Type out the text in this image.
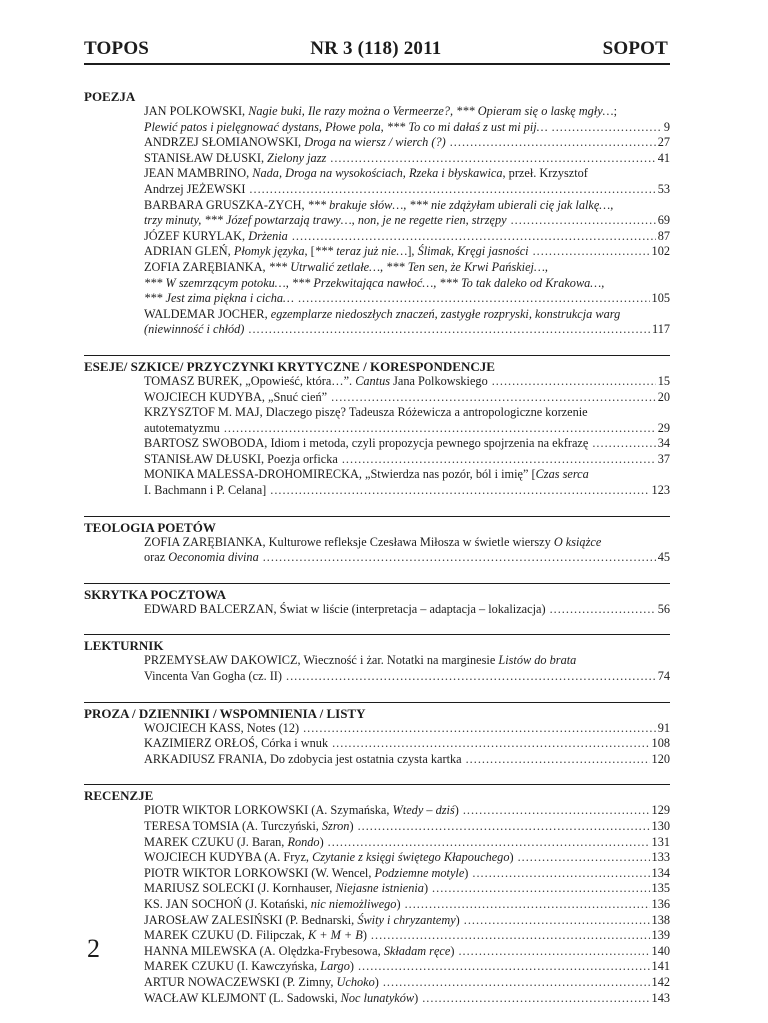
TOPOS	NR 3 (118) 2011	SOPOT
POEZJA
JAN POLKOWSKI, Nagie buki, Ile razy można o Vermeerze?, *** Opieram się o laskę mgły…;
Plewić patos i pielęgnować dystans, Płowe pola, *** To co mi dałaś z ust mi pij… .....	9
ANDRZEJ SŁOMIANOWSKI, Droga na wiersz / wierch (?) .....	27
STANISŁAW DŁUSKI, Zielony jazz .....	41
JEAN MAMBRINO, Nada, Droga na wysokościach, Rzeka i błyskawica, przeł. Krzysztof
Andrzej JEŻEWSKI .....	53
BARBARA GRUSZKA-ZYCH, *** brakuje słów…, *** nie zdążyłam ubierali cię jak lalkę…,
trzy minuty, *** Józef powtarzają trawy…, non, je ne regette rien, strzępy .....	69
JÓZEF KURYLAK, Drżenia .....	87
ADRIAN GLEŃ, Płomyk języka, [*** teraz już nie…], Ślimak, Kręgi jasności .....	102
ZOFIA ZARĘBIANKA, *** Utrwalić zetlałe…, *** Ten sen, że Krwi Pańskiej…,
*** W szemrzącym potoku…, *** Przekwitająca nawłoć…, *** To tak daleko od Krakowa…,
*** Jest zima piękna i cicha… .....	105
WALDEMAR JOCHER, egzemplarze niedoszłych znaczeń, zastygłe rozpryski, konstrukcja warg
(niewinność i chłód) .....	117
ESEJE/ SZKICE/ PRZYCZYNKI KRYTYCZNE / KORESPONDENCJE
TOMASZ BUREK, „Opowieść, która…”. Cantus Jana Polkowskiego .....	15
WOJCIECH KUDYBA, „Snuć cień” .....	20
KRZYSZTOF M. MAJ, Dlaczego piszę? Tadeusza Różewicza a antropologiczne korzenie
autotematyzmu .....	29
BARTOSZ SWOBODA, Idiom i metoda, czyli propozycja pewnego spojrzenia na ekfrazę .....	34
STANISŁAW DŁUSKI, Poezja orficka .....	37
MONIKA MALESSA-DROHOMIRECKA, „Stwierdza nas pozór, ból i imię” [Czas serca
I. Bachmann i P. Celana] .....	123
TEOLOGIA POETÓW
ZOFIA ZARĘBIANKA, Kulturowe refleksje Czesława Miłosza w świetle wierszy O książce
oraz Oeconomia divina .....	45
SKRYTKA POCZTOWA
EDWARD BALCERZAN, Świat w liście (interpretacja – adaptacja – lokalizacja) .....	56
LEKTURNIK
PRZEMYSŁAW DAKOWICZ, Wieczność i żar. Notatki na marginesie Listów do brata
Vincenta Van Gogha (cz. II) .....	74
PROZA / DZIENNIKI / WSPOMNIENIA / LISTY
WOJCIECH KASS, Notes (12) .....	91
KAZIMIERZ ORŁOŚ, Córka i wnuk .....	108
ARKADIUSZ FRANIA, Do zdobycia jest ostatnia czysta kartka .....	120
RECENZJE
PIOTR WIKTOR LORKOWSKI (A. Szymańska, Wtedy – dziś) .....	129
TERESA TOMSIA (A. Turczyński, Szron) .....	130
MAREK CZUKU (J. Baran, Rondo) .....	131
WOJCIECH KUDYBA (A. Fryz, Czytanie z księgi świętego Kłapouchego) .....	133
PIOTR WIKTOR LORKOWSKI (W. Wencel, Podziemne motyle) .....	134
MARIUSZ SOLECKI (J. Kornhauser, Niejasne istnienia) .....	135
KS. JAN SOCHOŃ (J. Kotański, nic niemożliwego) .....	136
JAROSŁAW ZALESIŃSKI (P. Bednarski, Świty i chryzantemy) .....	138
MAREK CZUKU (D. Filipczak, K + M + B) .....	139
HANNA MILEWSKA (A. Olędzka-Frybesowa, Składam ręce) .....	140
MAREK CZUKU (I. Kawczyńska, Largo) .....	141
ARTUR NOWACZEWSKI (P. Zimny, Uchoko) .....	142
WACŁAW KLEJMONT (L. Sadowski, Noc lunatyków) .....	143
2
